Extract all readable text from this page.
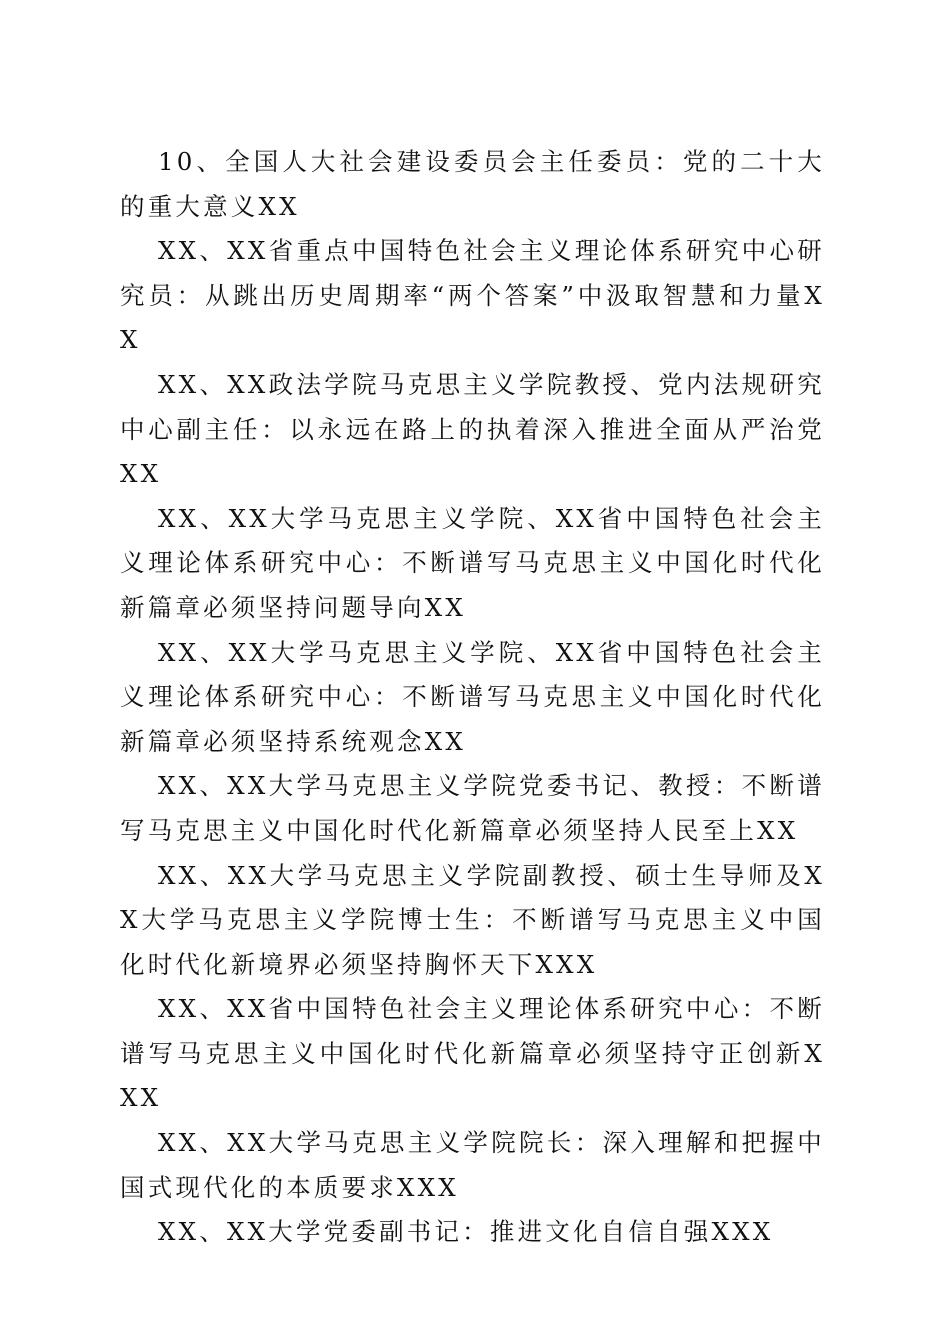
10、全国人大社会建设委员会主任委员：党的二十大的重大意义XX

XX、XX省重点中国特色社会主义理论体系研究中心研究员：从跳出历史周期率“两个答案”中汲取智慧和力量XX

XX、XX政法学院马克思主义学院教授、党内法规研究中心副主任：以永远在路上的执着深入推进全面从严治党XX

XX、XX大学马克思主义学院、XX省中国特色社会主义理论体系研究中心：不断谱写马克思主义中国化时代化新篇章必须坚持问题导向XX

XX、XX大学马克思主义学院、XX省中国特色社会主义理论体系研究中心：不断谱写马克思主义中国化时代化新篇章必须坚持系统观念XX

XX、XX大学马克思主义学院党委书记、教授：不断谱写马克思主义中国化时代化新篇章必须坚持人民至上XX

XX、XX大学马克思主义学院副教授、硕士生导师及XX大学马克思主义学院博士生：不断谱写马克思主义中国化时代化新境界必须坚持胸怀天下XXX

XX、XX省中国特色社会主义理论体系研究中心：不断谱写马克思主义中国化时代化新篇章必须坚持守正创新XXX

XX、XX大学马克思主义学院院长：深入理解和把握中国式现代化的本质要求XXX

XX、XX大学党委副书记：推进文化自信自强XXX
